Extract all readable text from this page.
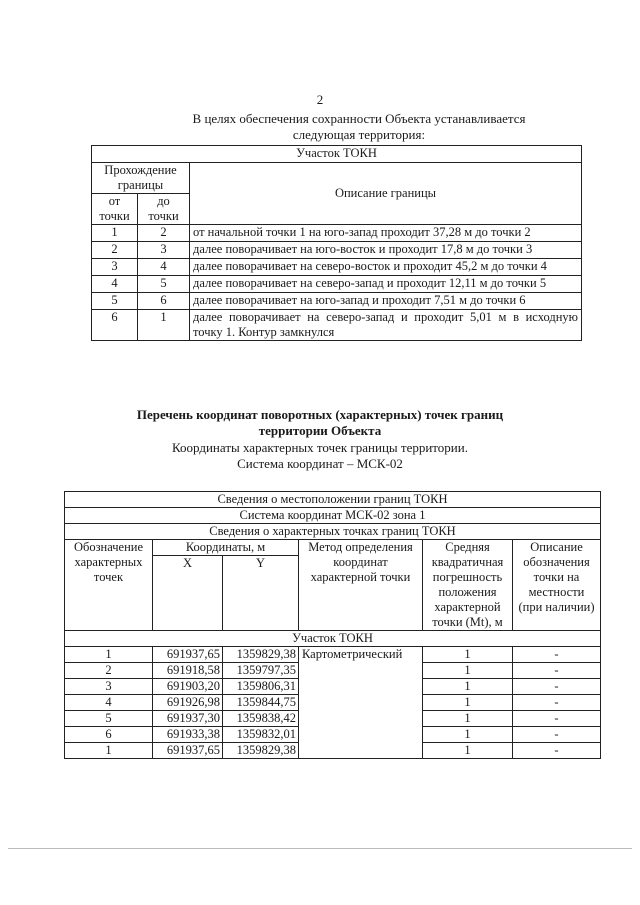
2
В целях обеспечения сохранности Объекта устанавливается
следующая территория:
Участок ТОКН		
Прохождение границы		Описание границы
от точки	до точки	
1	2	от начальной точки 1 на юго-запад проходит 37,28 м до точки 2
2	3	далее поворачивает на юго-восток и проходит 17,8 м до точки 3
3	4	далее поворачивает на северо-восток и проходит 45,2 м до точки 4
4	5	далее поворачивает на северо-запад и проходит 12,11 м до точки 5
5	6	далее поворачивает на юго-запад и проходит 7,51 м до точки 6
6	1	далее поворачивает на северо-запад и проходит 5,01 м в исходную точку 1. Контур замкнулся
Перечень координат поворотных (характерных) точек границ
территории Объекта
Координаты характерных точек границы территории.
Система координат – МСК-02
Сведения о местоположении границ ТОКН					
Система координат МСК-02 зона 1					
Сведения о характерных точках границ ТОКН					
Обозначение характерных точек	Координаты, м		Метод определения координат характерной точки	Средняя квадратичная погрешность положения характерной точки (Mt), м	Описание обозначения точки на местности (при наличии)
	X	Y			
Участок ТОКН					
1	691937,65	1359829,38	Картометрический	1	-
2	691918,58	1359797,35		1	-
3	691903,20	1359806,31		1	-
4	691926,98	1359844,75		1	-
5	691937,30	1359838,42		1	-
6	691933,38	1359832,01		1	-
1	691937,65	1359829,38		1	-
